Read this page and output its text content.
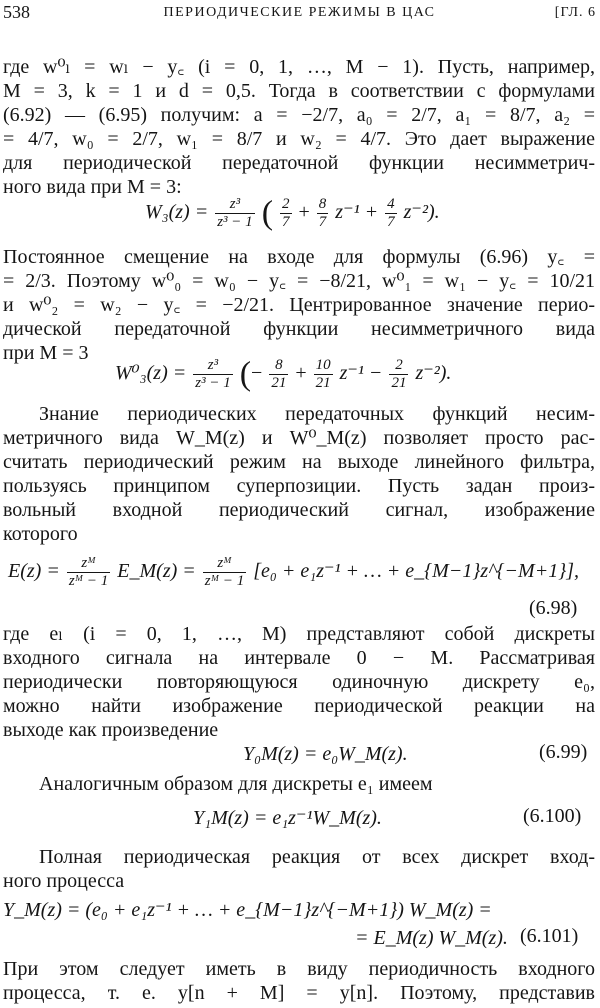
538	ПЕРИОДИЧЕСКИЕ РЕЖИМЫ В ЦАС	[ГЛ. 6

где w⁰ₗ = wₗ − y꜀ (i = 0, 1, …, M − 1). Пусть, например,
M = 3, k = 1 и d = 0,5. Тогда в соответствии с формулами
(6.92) — (6.95) получим: a = −2/7, a₀ = 2/7, a₁ = 8/7, a₂ =
= 4/7, w₀ = 2/7, w₁ = 8/7 и w₂ = 4/7. Это дает выражение
для периодической передаточной функции несимметрич-
ного вида при M = 3:

$W_3(z) = \frac{\text{z³}}{\text{z³ − 1}}$ ( $\frac{2}{7} + \frac{8}{7} z^{-1} + \frac{4}{7} z^{-2}$).

Постоянное смещение на входе для формулы (6.96) y꜀ =
= 2/3. Поэтому w⁰₀ = w₀ − y꜀ = −8/21, w⁰₁ = w₁ − y꜀ = 10/21
и w⁰₂ = w₂ − y꜀ = −2/21. Центрированное значение перио-
дической передаточной функции несимметричного вида
при M = 3

$W^0_3(z) = \frac{\text{z³}}{\text{z³ − 1}}$ (− $\frac{8}{21} + \frac{10}{21} z^{-1} - \frac{2}{21} z^{-2}$).

Знание периодических передаточных функций несим-
метричного вида W_M(z) и W⁰_M(z) позволяет просто рас-
считать периодический режим на выходе линейного фильтра,
пользуясь принципом суперпозиции. Пусть задан произ-
вольный входной периодический сигнал, изображение
которого

$E(z) = \frac{\text{zᴹ}}{\text{zᴹ − 1}}$ E_M(z) = $\frac{\text{zᴹ}}{\text{zᴹ − 1}} [e_0 + e_1z^{-1}$ + … + e_{M−1}z^{−M+1}],
(6.98)

где eₗ (i = 0, 1, …, M) представляют собой дискреты
входного сигнала на интервале 0 − M. Рассматривая
периодически повторяющуюся одиночную дискрету e₀,
можно найти изображение периодической реакции на
выходе как произведение

Y₀M(z) = e₀W_M(z).	(6.99)

Аналогичным образом для дискреты e₁ имеем

Y₁M(z) = e₁z⁻¹W_M(z).	(6.100)

Полная периодическая реакция от всех дискрет вход-
ного процесса

Y_M(z) = (e₀ + e₁z⁻¹ + … + e_{M−1}z^{−M+1}) W_M(z) =
= E_M(z) W_M(z). (6.101)

При этом следует иметь в виду периодичность входного
процесса, т. е. y[n + M] = y[n]. Поэтому, представив
